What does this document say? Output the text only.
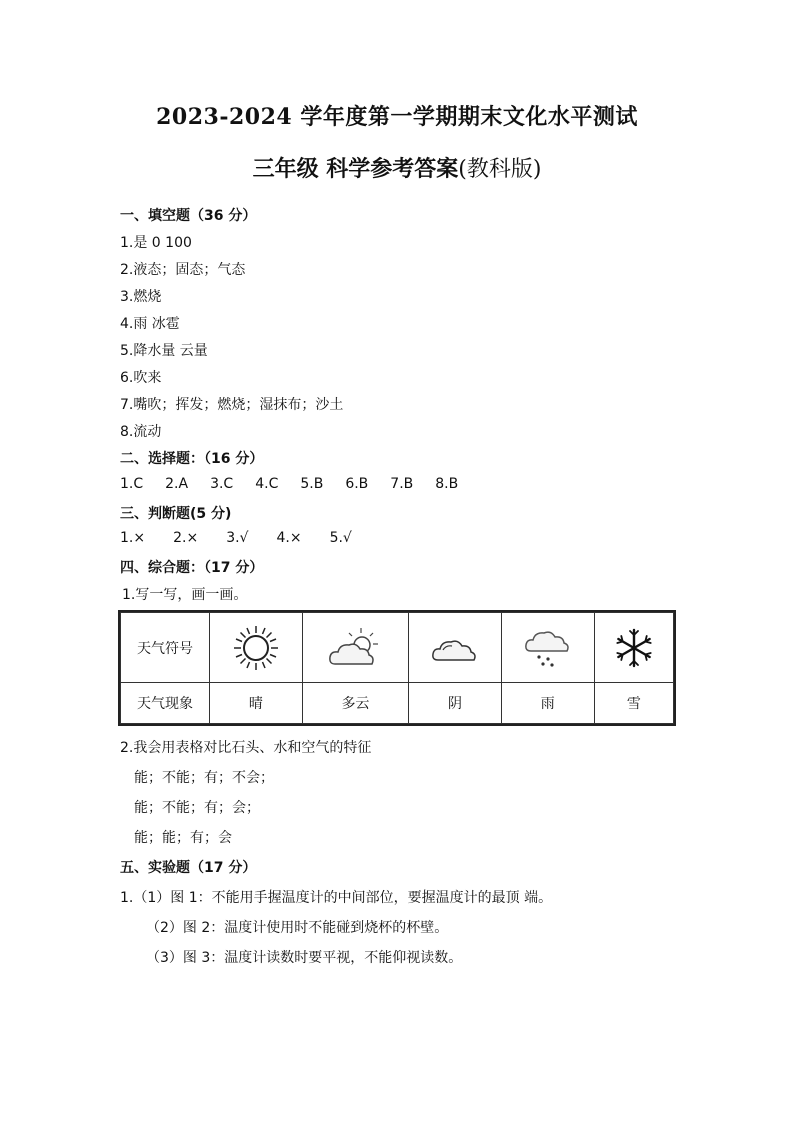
2023-2024 学年度第一学期期末文化水平测试
三年级 科学参考答案(教科版)
一、填空题（36 分）
1.是 0 100
2.液态；固态；气态
3.燃烧
4.雨 冰雹
5.降水量 云量
6.吹来
7.嘴吹；挥发；燃烧；湿抹布；沙土
8.流动
二、选择题：（16 分）
1.C 2.A 3.C 4.C 5.B 6.B 7.B 8.B
三、判断题(5 分)
1.× 2.× 3.√ 4.× 5.√
四、综合题：（17 分）
1.写一写，画一画。
天气符号	

天气现象	晴	多云	阴	雨	雪
2.我会用表格对比石头、水和空气的特征
能；不能；有；不会；
能；不能；有；会；
能；能；有；会
五、实验题（17 分）
1.（1）图 1：不能用手握温度计的中间部位，要握温度计的最顶 端。
（2）图 2：温度计使用时不能碰到烧杯的杯壁。
（3）图 3：温度计读数时要平视，不能仰视读数。
